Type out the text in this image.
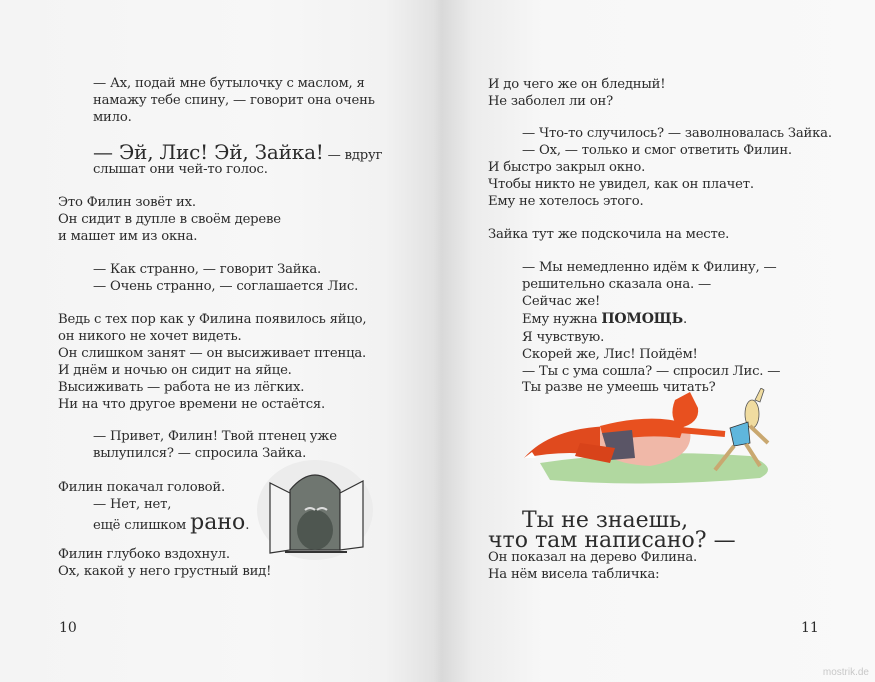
— Ах, подай мне бутылочку с маслом, я
намажу тебе спину, — говорит она очень
мило.
— Эй, Лис! Эй, Зайка! — вдруг
слышат они чей-то голос.
Это Филин зовёт их.
Он сидит в дупле в своём дереве
и машет им из окна.
— Как странно, — говорит Зайка.
— Очень странно, — соглашается Лис.
Ведь с тех пор как у Филина появилось яйцо,
он никого не хочет видеть.
Он слишком занят — он высиживает птенца.
И днём и ночью он сидит на яйце.
Высиживать — работа не из лёгких.
Ни на что другое времени не остаётся.
— Привет, Филин! Твой птенец уже
вылупился? — спросила Зайка.
Филин покачал головой.
— Нет, нет,
ещё слишком рано.
Филин глубоко вздохнул.
Ох, какой у него грустный вид!
10
И до чего же он бледный!
Не заболел ли он?
— Что-то случилось? — заволновалась Зайка.
— Ох, — только и смог ответить Филин.
И быстро закрыл окно.
Чтобы никто не увидел, как он плачет.
Ему не хотелось этого.
Зайка тут же подскочила на месте.
— Мы немедленно идём к Филину, —
решительно сказала она. —
Сейчас же!
Ему нужна ПОМОЩЬ.
Я чувствую.
Скорей же, Лис! Пойдём!
— Ты с ума сошла? — спросил Лис. —
Ты разве не умеешь читать?
Ты не знаешь,
что там написано? —
Он показал на дерево Филина.
На нём висела табличка:
11
mostrik.de
